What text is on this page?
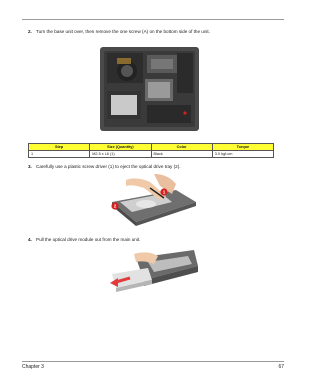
2. Turn the base unit over, then remove the one screw (A) on the bottom side of the unit.
Step	Size (Quantity)	Color	Torque
1	M2.5 x L6 (1)	Black	3.0 kgf-cm
3. Carefully use a plastic screw driver (1) to eject the optical drive tray (2).
1
2
4. Pull the optical drive module out from the main unit.
Chapter 3	67
